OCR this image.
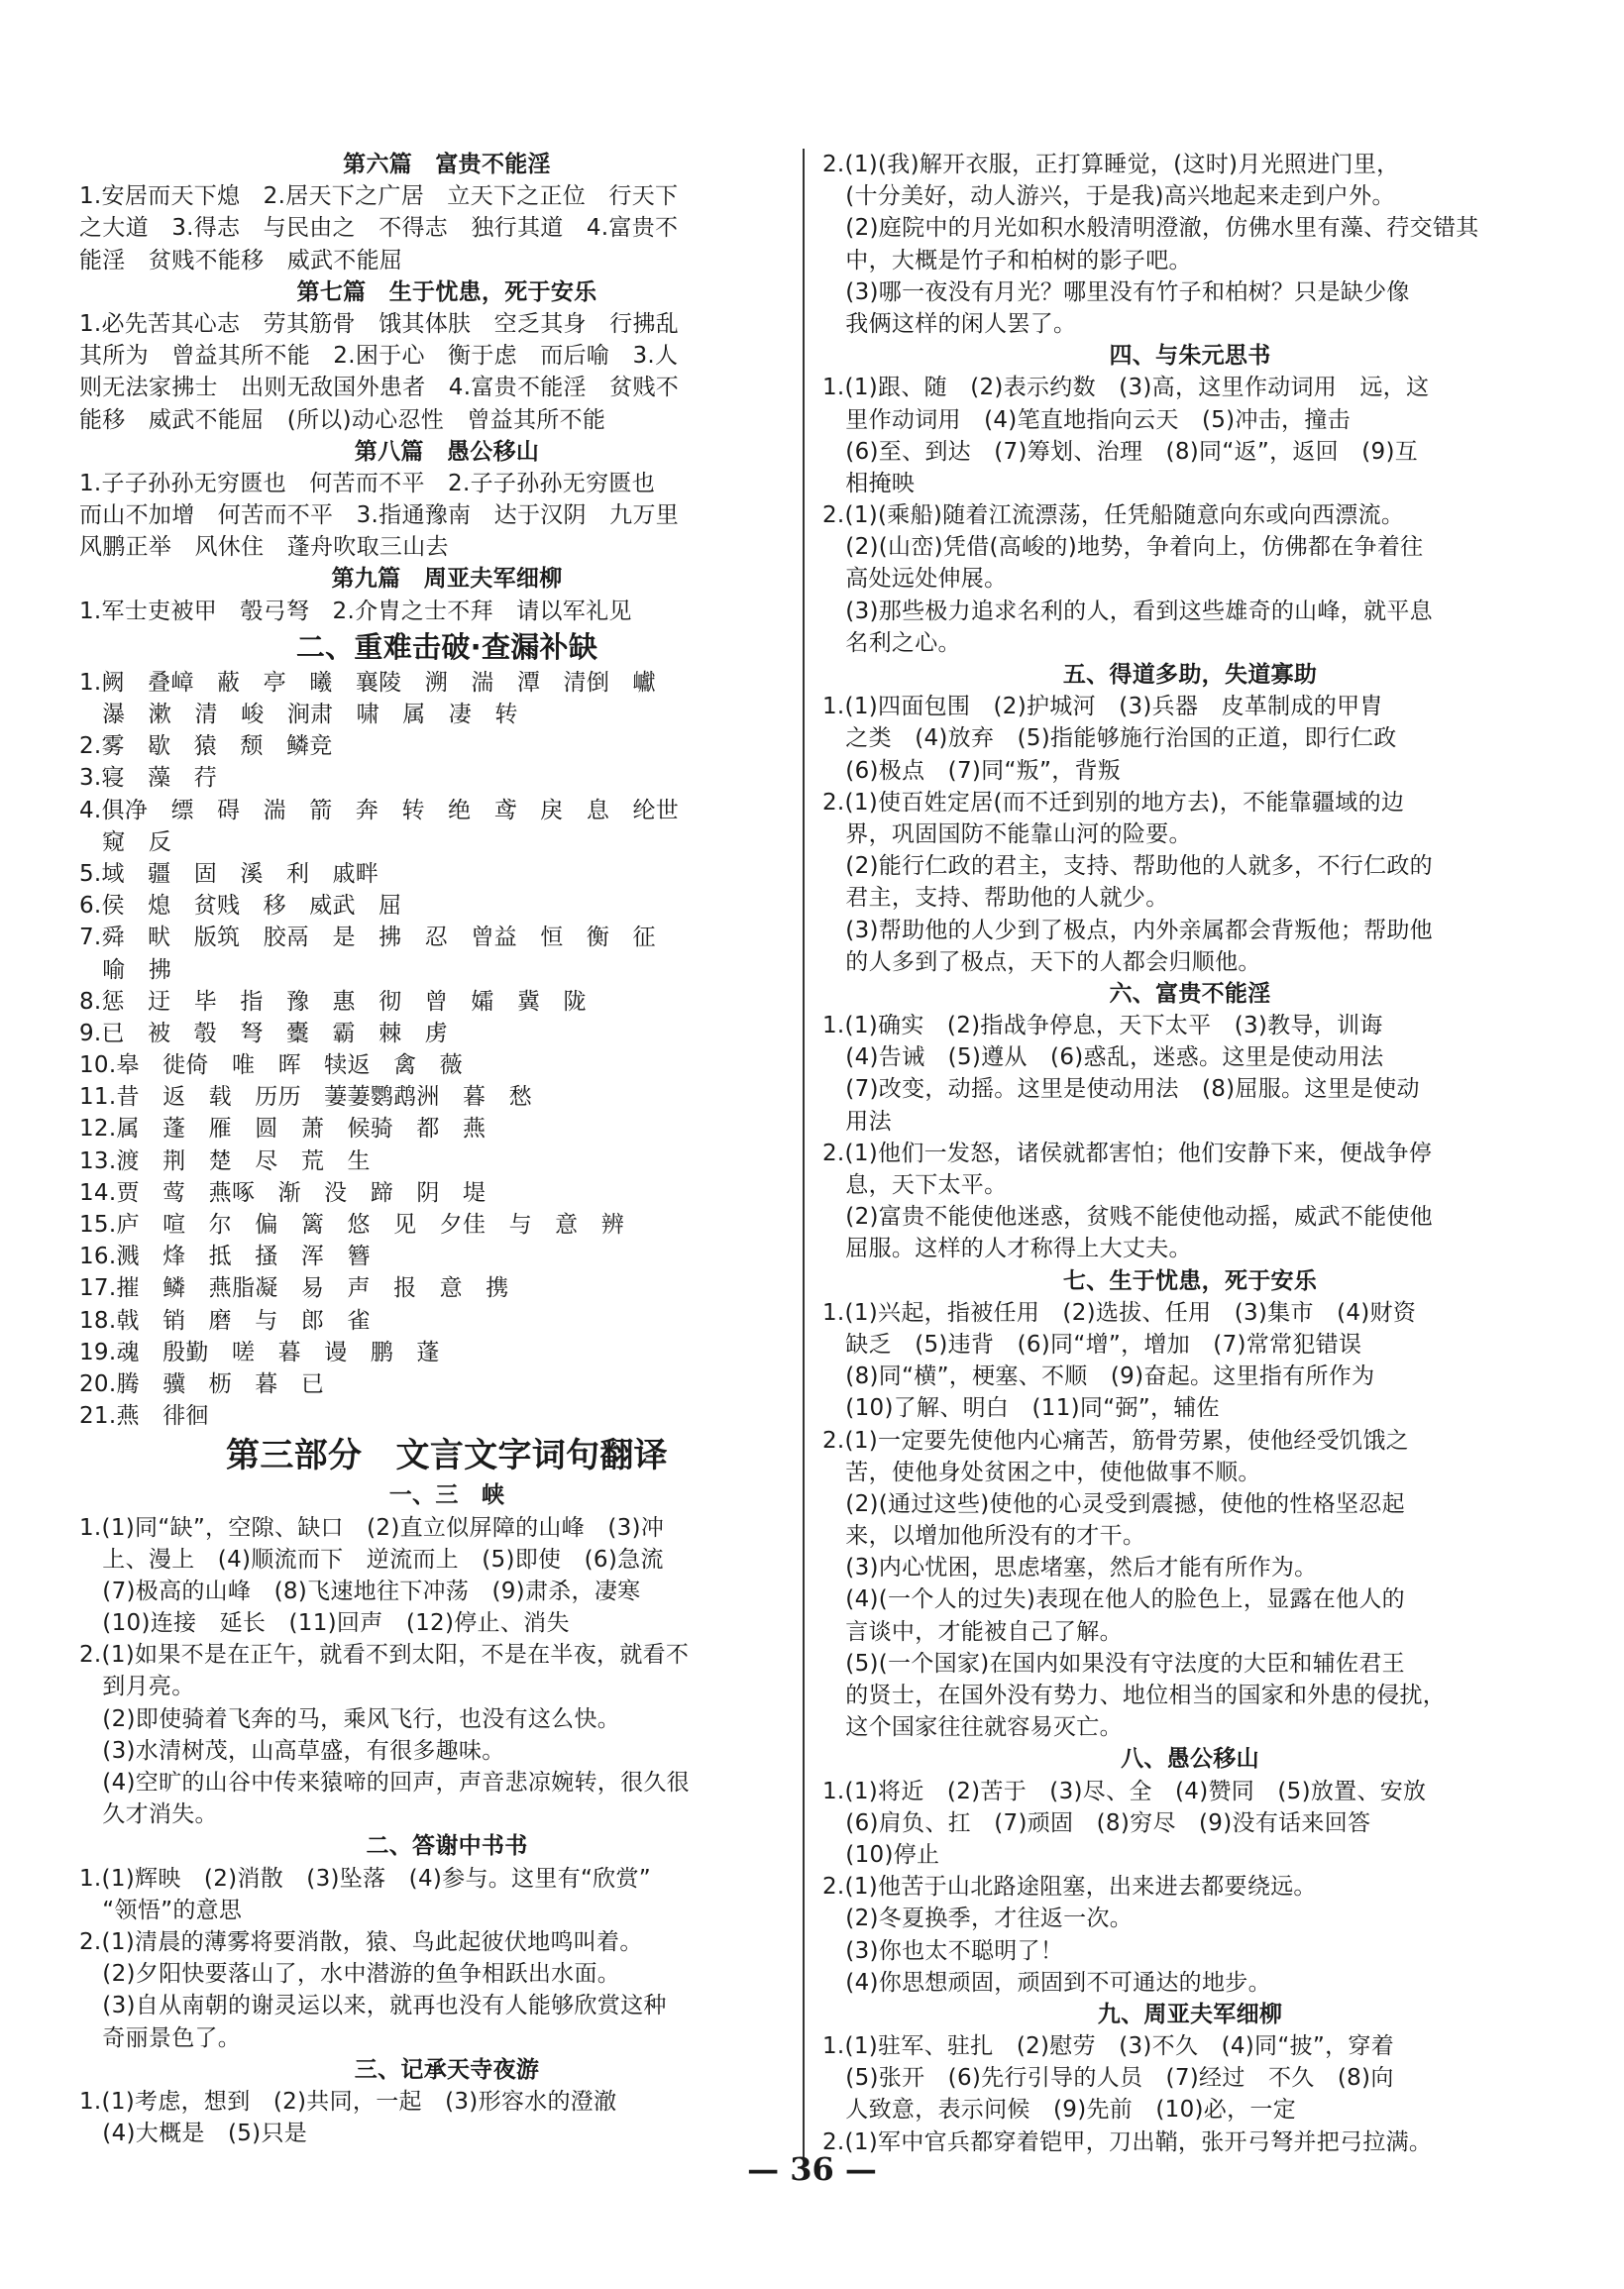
第六篇　富贵不能淫
1.安居而天下熄　2.居天下之广居　立天下之正位　行天下
之大道　3.得志　与民由之　不得志　独行其道　4.富贵不
能淫　贫贱不能移　威武不能屈
第七篇　生于忧患，死于安乐
1.必先苦其心志　劳其筋骨　饿其体肤　空乏其身　行拂乱
其所为　曾益其所不能　2.困于心　衡于虑　而后喻　3.人
则无法家拂士　出则无敌国外患者　4.富贵不能淫　贫贱不
能移　威武不能屈　(所以)动心忍性　曾益其所不能
第八篇　愚公移山
1.子子孙孙无穷匮也　何苦而不平　2.子子孙孙无穷匮也
而山不加增　何苦而不平　3.指通豫南　达于汉阴　九万里
风鹏正举　风休住　蓬舟吹取三山去
第九篇　周亚夫军细柳
1.军士吏被甲　彀弓弩　2.介胄之士不拜　请以军礼见
二、重难击破·查漏补缺
1.阙　叠嶂　蔽　亭　曦　襄陵　溯　湍　潭　清倒　巘
　瀑　漱　清　峻　涧肃　啸　属　凄　转
2.雾　歇　猿　颓　鳞竞
3.寝　藻　荇
4.俱净　缥　碍　湍　箭　奔　转　绝　鸢　戾　息　纶世
　窥　反
5.域　疆　固　溪　利　戚畔
6.侯　熄　贫贱　移　威武　屈
7.舜　畎　版筑　胶鬲　是　拂　忍　曾益　恒　衡　征
　喻　拂
8.惩　迂　毕　指　豫　惠　彻　曾　孀　冀　陇
9.已　被　彀　弩　櫜　霸　棘　虏
10.皋　徙倚　唯　晖　犊返　禽　薇
11.昔　返　载　历历　萋萋鹦鹉洲　暮　愁
12.属　蓬　雁　圆　萧　候骑　都　燕
13.渡　荆　楚　尽　荒　生
14.贾　莺　燕啄　渐　没　蹄　阴　堤
15.庐　喧　尔　偏　篱　悠　见　夕佳　与　意　辨
16.溅　烽　抵　搔　浑　簪
17.摧　鳞　燕脂凝　易　声　报　意　携
18.戟　销　磨　与　郎　雀
19.魂　殷勤　嗟　暮　谩　鹏　蓬
20.腾　骥　枥　暮　已
21.燕　徘徊
第三部分　文言文字词句翻译
一、三　峡
1.(1)同“缺”，空隙、缺口　(2)直立似屏障的山峰　(3)冲
　上、漫上　(4)顺流而下　逆流而上　(5)即使　(6)急流
　(7)极高的山峰　(8)飞速地往下冲荡　(9)肃杀，凄寒
　(10)连接　延长　(11)回声　(12)停止、消失
2.(1)如果不是在正午，就看不到太阳，不是在半夜，就看不
　到月亮。
　(2)即使骑着飞奔的马，乘风飞行，也没有这么快。
　(3)水清树茂，山高草盛，有很多趣味。
　(4)空旷的山谷中传来猿啼的回声，声音悲凉婉转，很久很
　久才消失。
二、答谢中书书
1.(1)辉映　(2)消散　(3)坠落　(4)参与。这里有“欣赏”
　“领悟”的意思
2.(1)清晨的薄雾将要消散，猿、鸟此起彼伏地鸣叫着。
　(2)夕阳快要落山了，水中潜游的鱼争相跃出水面。
　(3)自从南朝的谢灵运以来，就再也没有人能够欣赏这种
　奇丽景色了。
三、记承天寺夜游
1.(1)考虑，想到　(2)共同，一起　(3)形容水的澄澈
　(4)大概是　(5)只是
2.(1)(我)解开衣服，正打算睡觉，(这时)月光照进门里，
　(十分美好，动人游兴，于是我)高兴地起来走到户外。
　(2)庭院中的月光如积水般清明澄澈，仿佛水里有藻、荇交错其
　中，大概是竹子和柏树的影子吧。
　(3)哪一夜没有月光？哪里没有竹子和柏树？只是缺少像
　我俩这样的闲人罢了。
四、与朱元思书
1.(1)跟、随　(2)表示约数　(3)高，这里作动词用　远，这
　里作动词用　(4)笔直地指向云天　(5)冲击，撞击
　(6)至、到达　(7)筹划、治理　(8)同“返”，返回　(9)互
　相掩映
2.(1)(乘船)随着江流漂荡，任凭船随意向东或向西漂流。
　(2)(山峦)凭借(高峻的)地势，争着向上，仿佛都在争着往
　高处远处伸展。
　(3)那些极力追求名利的人，看到这些雄奇的山峰，就平息
　名利之心。
五、得道多助，失道寡助
1.(1)四面包围　(2)护城河　(3)兵器　皮革制成的甲胄
　之类　(4)放弃　(5)指能够施行治国的正道，即行仁政
　(6)极点　(7)同“叛”，背叛
2.(1)使百姓定居(而不迁到别的地方去)，不能靠疆域的边
　界，巩固国防不能靠山河的险要。
　(2)能行仁政的君主，支持、帮助他的人就多，不行仁政的
　君主，支持、帮助他的人就少。
　(3)帮助他的人少到了极点，内外亲属都会背叛他；帮助他
　的人多到了极点，天下的人都会归顺他。
六、富贵不能淫
1.(1)确实　(2)指战争停息，天下太平　(3)教导，训诲
　(4)告诫　(5)遵从　(6)惑乱，迷惑。这里是使动用法
　(7)改变，动摇。这里是使动用法　(8)屈服。这里是使动
　用法
2.(1)他们一发怒，诸侯就都害怕；他们安静下来，便战争停
　息，天下太平。
　(2)富贵不能使他迷惑，贫贱不能使他动摇，威武不能使他
　屈服。这样的人才称得上大丈夫。
七、生于忧患，死于安乐
1.(1)兴起，指被任用　(2)选拔、任用　(3)集市　(4)财资
　缺乏　(5)违背　(6)同“增”，增加　(7)常常犯错误
　(8)同“横”，梗塞、不顺　(9)奋起。这里指有所作为
　(10)了解、明白　(11)同“弼”，辅佐
2.(1)一定要先使他内心痛苦，筋骨劳累，使他经受饥饿之
　苦，使他身处贫困之中，使他做事不顺。
　(2)(通过这些)使他的心灵受到震撼，使他的性格坚忍起
　来，以增加他所没有的才干。
　(3)内心忧困，思虑堵塞，然后才能有所作为。
　(4)(一个人的过失)表现在他人的脸色上，显露在他人的
　言谈中，才能被自己了解。
　(5)(一个国家)在国内如果没有守法度的大臣和辅佐君王
　的贤士，在国外没有势力、地位相当的国家和外患的侵扰，
　这个国家往往就容易灭亡。
八、愚公移山
1.(1)将近　(2)苦于　(3)尽、全　(4)赞同　(5)放置、安放
　(6)肩负、扛　(7)顽固　(8)穷尽　(9)没有话来回答
　(10)停止
2.(1)他苦于山北路途阻塞，出来进去都要绕远。
　(2)冬夏换季，才往返一次。
　(3)你也太不聪明了！
　(4)你思想顽固，顽固到不可通达的地步。
九、周亚夫军细柳
1.(1)驻军、驻扎　(2)慰劳　(3)不久　(4)同“披”，穿着
　(5)张开　(6)先行引导的人员　(7)经过　不久　(8)向
　人致意，表示问候　(9)先前　(10)必，一定
2.(1)军中官兵都穿着铠甲，刀出鞘，张开弓弩并把弓拉满。
— 36 —
